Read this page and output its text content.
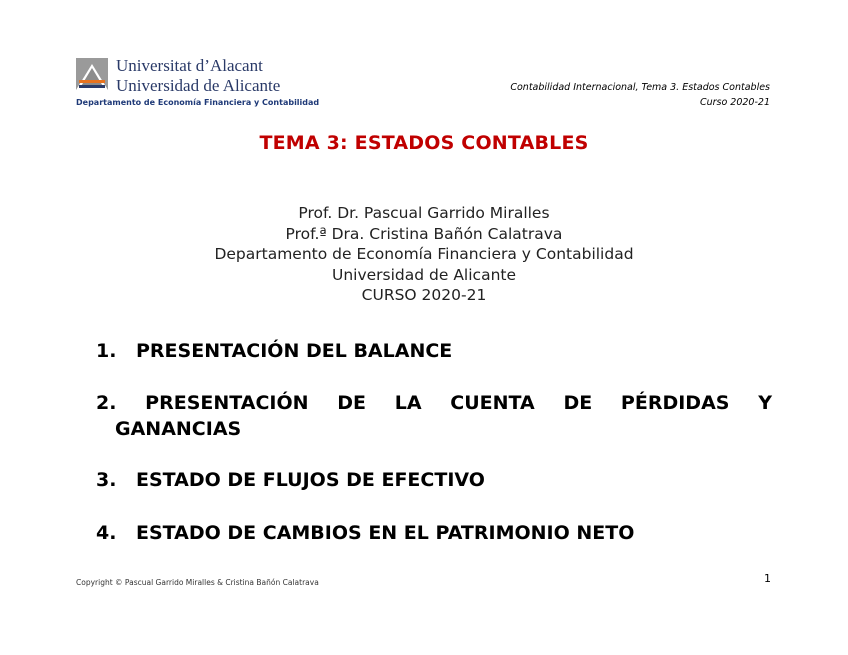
Universitat d’Alacant
Universidad de Alicante
Departamento de Economía Financiera y Contabilidad
Contabilidad Internacional, Tema 3. Estados Contables
Curso 2020-21
TEMA 3: ESTADOS CONTABLES
Prof. Dr. Pascual Garrido Miralles
Prof.ª Dra. Cristina Bañón Calatrava
Departamento de Economía Financiera y Contabilidad
Universidad de Alicante
CURSO 2020-21
1. PRESENTACIÓN DEL BALANCE
2. PRESENTACIÓN DE LA CUENTA DE PÉRDIDAS Y
GANANCIAS
3. ESTADO DE FLUJOS DE EFECTIVO
4. ESTADO DE CAMBIOS EN EL PATRIMONIO NETO
Copyright © Pascual Garrido Miralles & Cristina Bañón Calatrava	1
